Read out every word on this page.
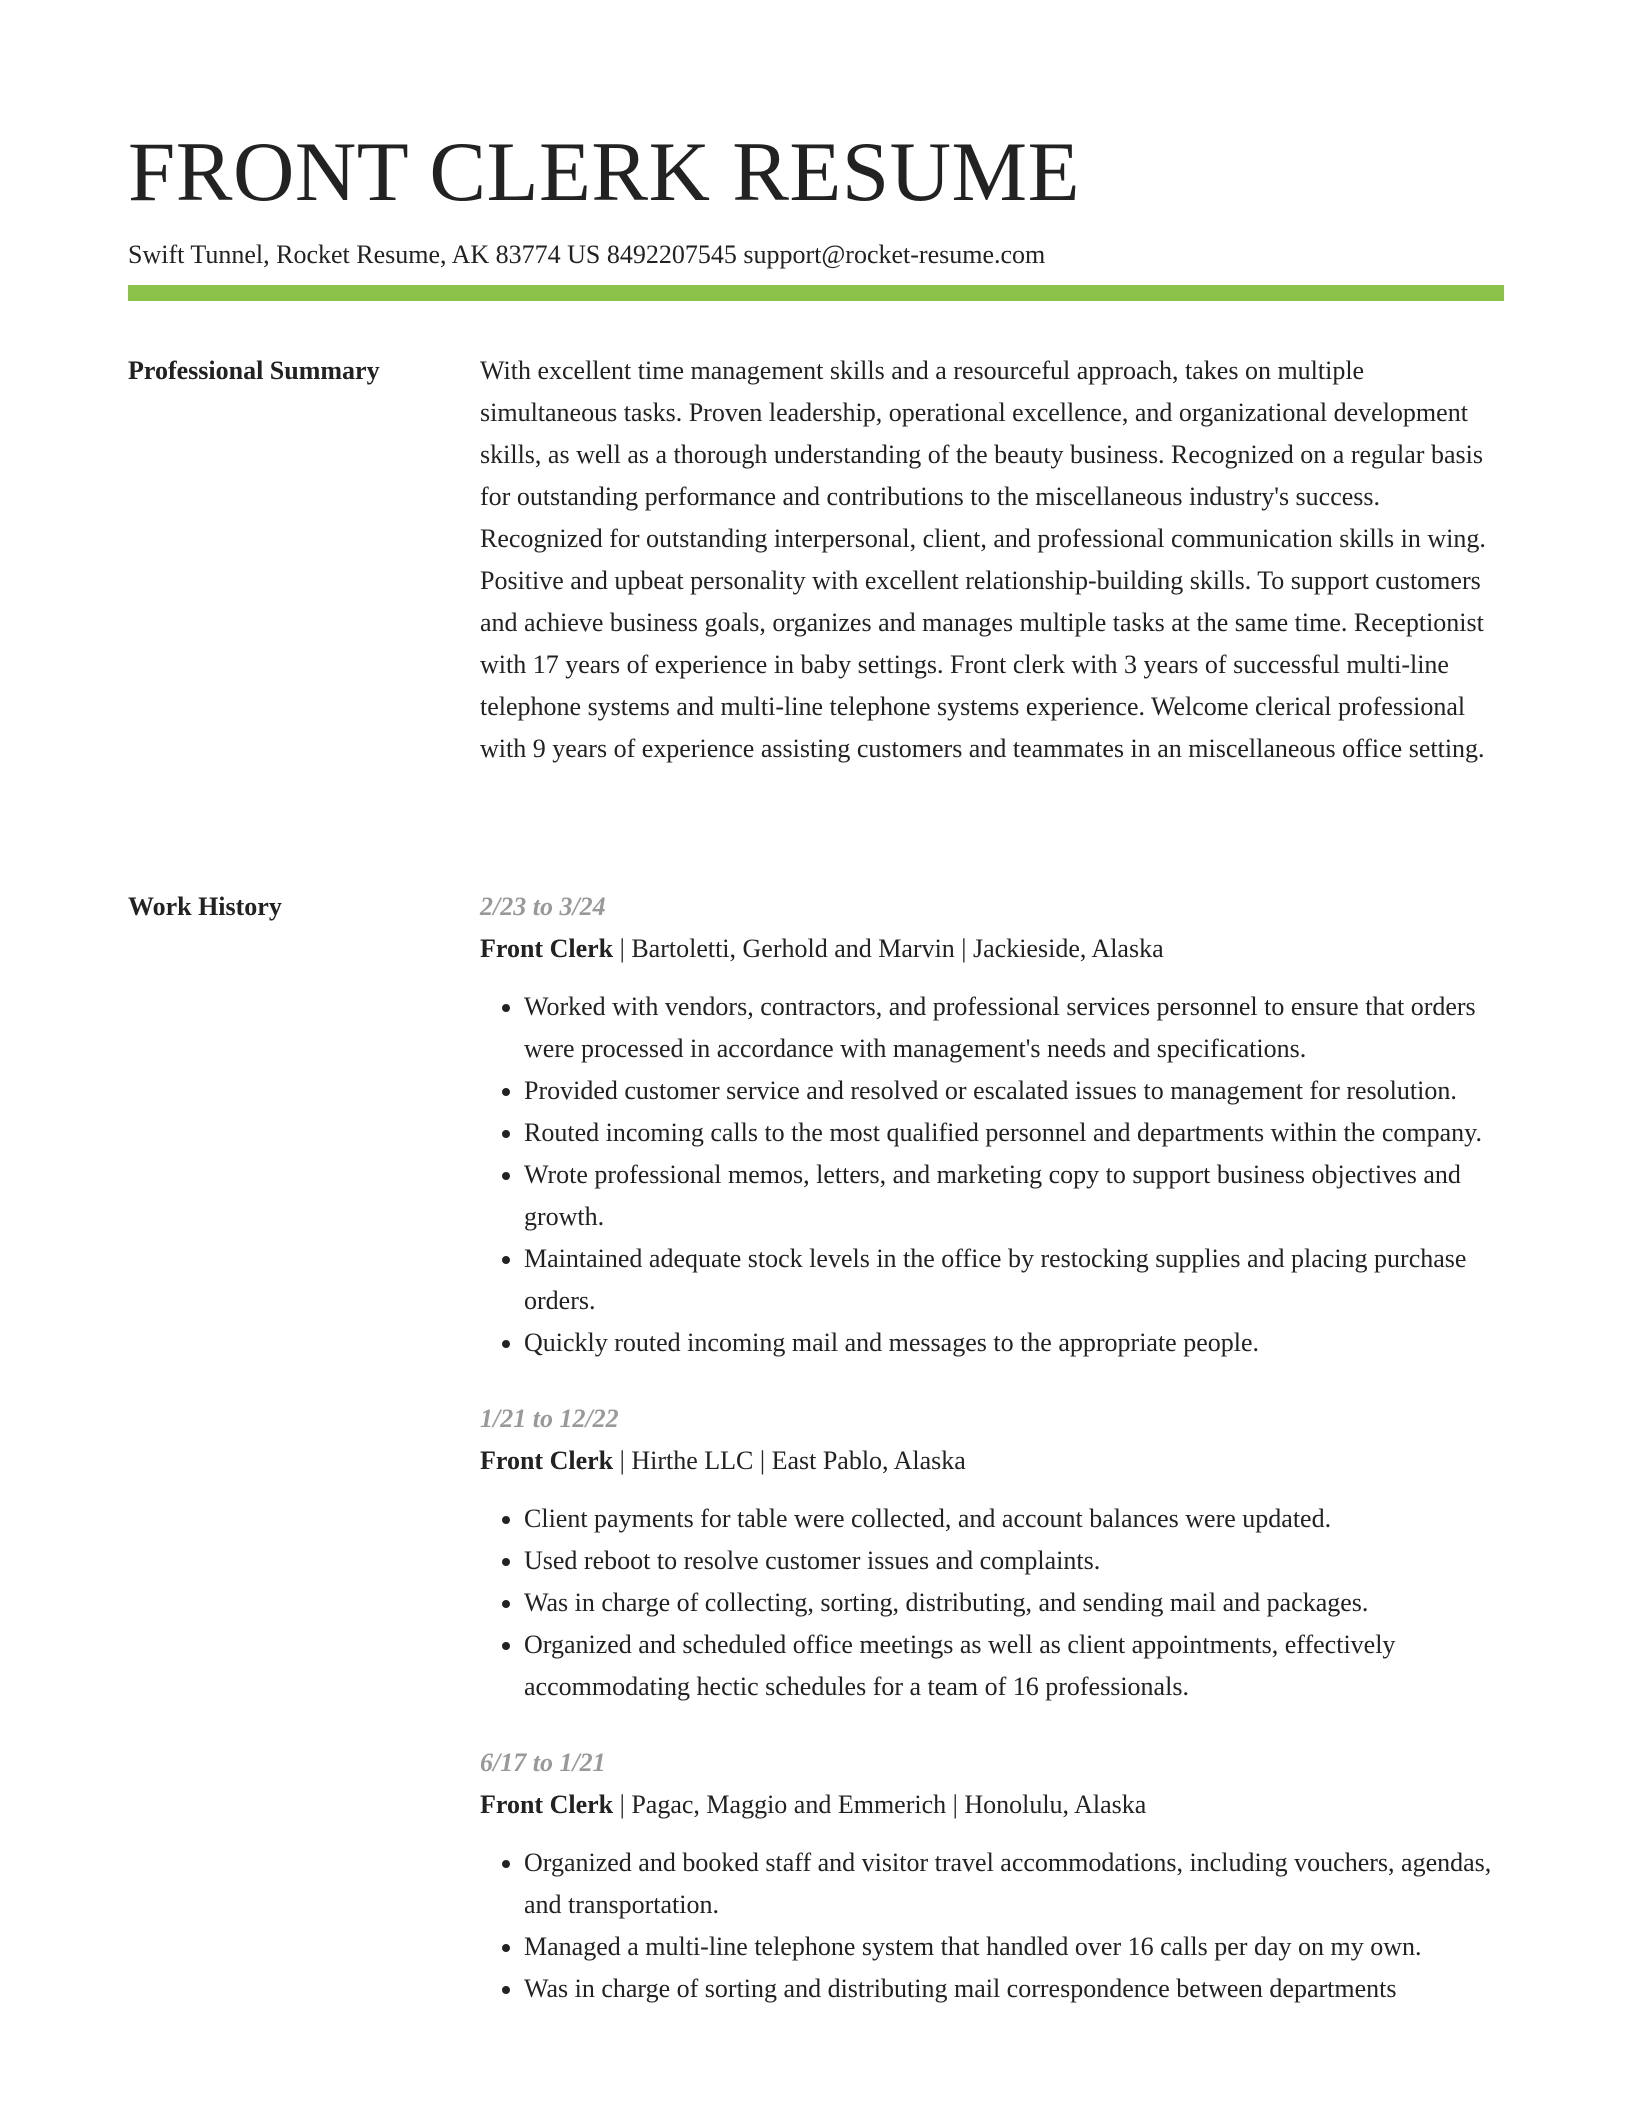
FRONT CLERK RESUME
Swift Tunnel, Rocket Resume, AK 83774 US 8492207545 support@rocket-resume.com
Professional Summary	With excellent time management skills and a resourceful approach, takes on multiple simultaneous tasks. Proven leadership, operational excellence, and organizational development skills, as well as a thorough understanding of the beauty business. Recognized on a regular basis for outstanding performance and contributions to the miscellaneous industry's success. Recognized for outstanding interpersonal, client, and professional communication skills in wing. Positive and upbeat personality with excellent relationship-building skills. To support customers and achieve business goals, organizes and manages multiple tasks at the same time. Receptionist with 17 years of experience in baby settings. Front clerk with 3 years of successful multi-line telephone systems and multi-line telephone systems experience. Welcome clerical professional with 9 years of experience assisting customers and teammates in an miscellaneous office setting.

Work History	2/23 to 3/24
Front Clerk | Bartoletti, Gerhold and Marvin | Jackieside, Alaska
• Worked with vendors, contractors, and professional services personnel to ensure that orders were processed in accordance with management's needs and specifications.
• Provided customer service and resolved or escalated issues to management for resolution.
• Routed incoming calls to the most qualified personnel and departments within the company.
• Wrote professional memos, letters, and marketing copy to support business objectives and growth.
• Maintained adequate stock levels in the office by restocking supplies and placing purchase orders.
• Quickly routed incoming mail and messages to the appropriate people.
1/21 to 12/22
Front Clerk | Hirthe LLC | East Pablo, Alaska
• Client payments for table were collected, and account balances were updated.
• Used reboot to resolve customer issues and complaints.
• Was in charge of collecting, sorting, distributing, and sending mail and packages.
• Organized and scheduled office meetings as well as client appointments, effectively accommodating hectic schedules for a team of 16 professionals.
6/17 to 1/21
Front Clerk | Pagac, Maggio and Emmerich | Honolulu, Alaska
• Organized and booked staff and visitor travel accommodations, including vouchers, agendas, and transportation.
• Managed a multi-line telephone system that handled over 16 calls per day on my own.
• Was in charge of sorting and distributing mail correspondence between departments
